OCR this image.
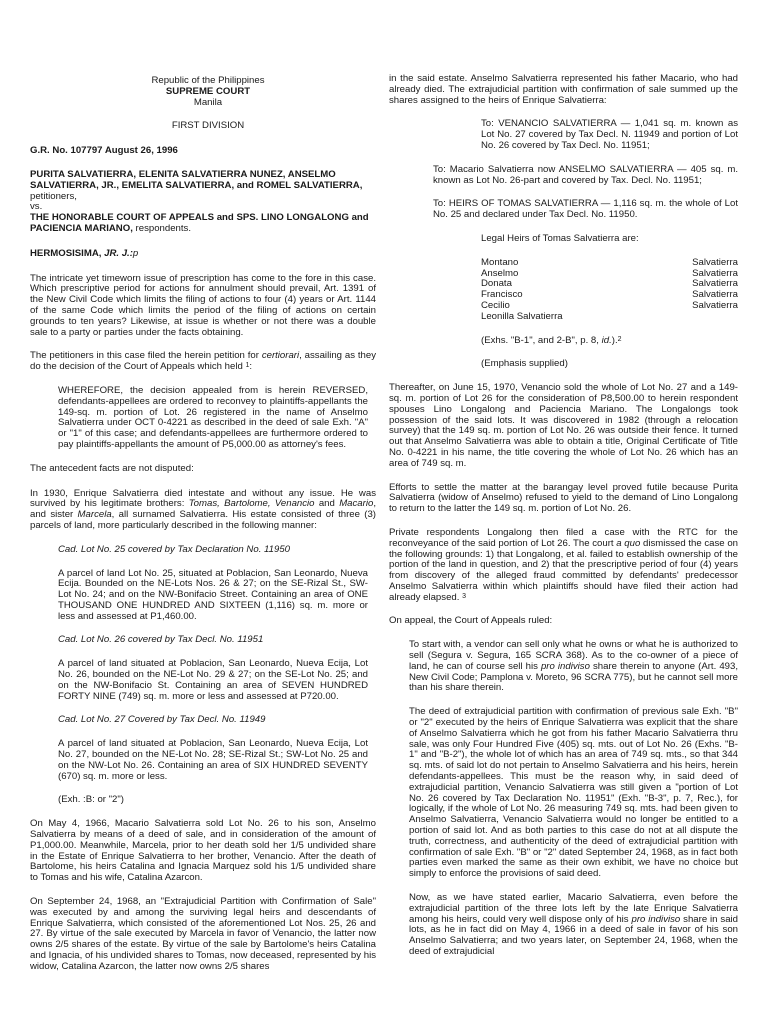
Republic of the Philippines

SUPREME COURT

Manila

FIRST DIVISION

G.R. No. 107797 August 26, 1996

PURITA SALVATIERRA, ELENITA SALVATIERRA NUNEZ, ANSELMO SALVATIERRA, JR., EMELITA SALVATIERRA, and ROMEL SALVATIERRA, petitioners,

vs.

THE HONORABLE COURT OF APPEALS and SPS. LINO LONGALONG and PACIENCIA MARIANO, respondents.

HERMOSISIMA, JR. J.:p

The intricate yet timeworn issue of prescription has come to the fore in this case. Which prescriptive period for actions for annulment should prevail, Art. 1391 of the New Civil Code which limits the filing of actions to four (4) years or Art. 1144 of the same Code which limits the period of the filing of actions on certain grounds to ten years? Likewise, at issue is whether or not there was a double sale to a party or parties under the facts obtaining.

The petitioners in this case filed the herein petition for certiorari, assailing as they do the decision of the Court of Appeals which held $^1$:

WHEREFORE, the decision appealed from is herein REVERSED, defendants-appellees are ordered to reconvey to plaintiffs-appellants the 149-sq. m. portion of Lot. 26 registered in the name of Anselmo Salvatierra under OCT 0-4221 as described in the deed of sale Exh. "A" or "1" of this case; and defendants-appellees are furthermore ordered to pay plaintiffs-appellants the amount of P5,000.00 as attorney's fees.

The antecedent facts are not disputed:

In 1930, Enrique Salvatierra died intestate and without any issue. He was survived by his legitimate brothers: Tomas, Bartolome, Venancio and Macario, and sister Marcela, all surnamed Salvatierra. His estate consisted of three (3) parcels of land, more particularly described in the following manner:

Cad. Lot No. 25 covered by Tax Declaration No. 11950

A parcel of land Lot No. 25, situated at Poblacion, San Leonardo, Nueva Ecija. Bounded on the NE-Lots Nos. 26 & 27; on the SE-Rizal St., SW-Lot No. 24; and on the NW-Bonifacio Street. Containing an area of ONE THOUSAND ONE HUNDRED AND SIXTEEN (1,116) sq. m. more or less and assessed at P1,460.00.

Cad. Lot No. 26 covered by Tax Decl. No. 11951

A parcel of land situated at Poblacion, San Leonardo, Nueva Ecija, Lot No. 26, bounded on the NE-Lot No. 29 & 27; on the SE-Lot No. 25; and on the NW-Bonifacio St. Containing an area of SEVEN HUNDRED FORTY NINE (749) sq. m. more or less and assessed at P720.00.

Cad. Lot No. 27 Covered by Tax Decl. No. 11949

A parcel of land situated at Poblacion, San Leonardo, Nueva Ecija, Lot No. 27, bounded on the NE-Lot No. 28; SE-Rizal St.; SW-Lot No. 25 and on the NW-Lot No. 26. Containing an area of SIX HUNDRED SEVENTY (670) sq. m. more or less.

(Exh. :B: or "2")

On May 4, 1966, Macario Salvatierra sold Lot No. 26 to his son, Anselmo Salvatierra by means of a deed of sale, and in consideration of the amount of P1,000.00. Meanwhile, Marcela, prior to her death sold her 1/5 undivided share in the Estate of Enrique Salvatierra to her brother, Venancio. After the death of Bartolome, his heirs Catalina and Ignacia Marquez sold his 1/5 undivided share to Tomas and his wife, Catalina Azarcon.

On September 24, 1968, an "Extrajudicial Partition with Confirmation of Sale" was executed by and among the surviving legal heirs and descendants of Enrique Salvatierra, which consisted of the aforementioned Lot Nos. 25, 26 and 27. By virtue of the sale executed by Marcela in favor of Venancio, the latter now owns 2/5 shares of the estate. By virtue of the sale by Bartolome's heirs Catalina and Ignacia, of his undivided shares to Tomas, now deceased, represented by his widow, Catalina Azarcon, the latter now owns 2/5 shares

in the said estate. Anselmo Salvatierra represented his father Macario, who had already died. The extrajudicial partition with confirmation of sale summed up the shares assigned to the heirs of Enrique Salvatierra:

To: VENANCIO SALVATIERRA — 1,041 sq. m. known as Lot No. 27 covered by Tax Decl. N. 11949 and portion of Lot No. 26 covered by Tax Decl. No. 11951;

To: Macario Salvatierra now ANSELMO SALVATIERRA — 405 sq. m. known as Lot No. 26-part and covered by Tax. Decl. No. 11951;

To: HEIRS OF TOMAS SALVATIERRA — 1,116 sq. m. the whole of Lot No. 25 and declared under Tax Decl. No. 11950.

Legal Heirs of Tomas Salvatierra are:

Montano	Salvatierra
Anselmo	Salvatierra
Donata	Salvatierra
Francisco	Salvatierra
Cecilio	Salvatierra
Leonilla Salvatierra

(Exhs. "B-1", and 2-B", p. 8, id.).$^2$

(Emphasis supplied)

Thereafter, on June 15, 1970, Venancio sold the whole of Lot No. 27 and a 149-sq. m. portion of Lot 26 for the consideration of P8,500.00 to herein respondent spouses Lino Longalong and Paciencia Mariano. The Longalongs took possession of the said lots. It was discovered in 1982 (through a relocation survey) that the 149 sq. m. portion of Lot No. 26 was outside their fence. It turned out that Anselmo Salvatierra was able to obtain a title, Original Certificate of Title No. 0-4221 in his name, the title covering the whole of Lot No. 26 which has an area of 749 sq. m.

Efforts to settle the matter at the barangay level proved futile because Purita Salvatierra (widow of Anselmo) refused to yield to the demand of Lino Longalong to return to the latter the 149 sq. m. portion of Lot No. 26.

Private respondents Longalong then filed a case with the RTC for the reconveyance of the said portion of Lot 26. The court a quo dismissed the case on the following grounds: 1) that Longalong, et al. failed to establish ownership of the portion of the land in question, and 2) that the prescriptive period of four (4) years from discovery of the alleged fraud committed by defendants' predecessor Anselmo Salvatierra within which plaintiffs should have filed their action had already elapsed. $^3$

On appeal, the Court of Appeals ruled:

To start with, a vendor can sell only what he owns or what he is authorized to sell (Segura v. Segura, 165 SCRA 368). As to the co-owner of a piece of land, he can of course sell his pro indiviso share therein to anyone (Art. 493, New Civil Code; Pamplona v. Moreto, 96 SCRA 775), but he cannot sell more than his share therein.

The deed of extrajudicial partition with confirmation of previous sale Exh. "B" or "2" executed by the heirs of Enrique Salvatierra was explicit that the share of Anselmo Salvatierra which he got from his father Macario Salvatierra thru sale, was only Four Hundred Five (405) sq. mts. out of Lot No. 26 (Exhs. "B-1" and "B-2"), the whole lot of which has an area of 749 sq. mts., so that 344 sq. mts. of said lot do not pertain to Anselmo Salvatierra and his heirs, herein defendants-appellees. This must be the reason why, in said deed of extrajudicial partition, Venancio Salvatierra was still given a "portion of Lot No. 26 covered by Tax Declaration No. 11951" (Exh. "B-3", p. 7, Rec.), for logically, if the whole of Lot No. 26 measuring 749 sq. mts. had been given to Anselmo Salvatierra, Venancio Salvatierra would no longer be entitled to a portion of said lot. And as both parties to this case do not at all dispute the truth, correctness, and authenticity of the deed of extrajudicial partition with confirmation of sale Exh. "B" or "2" dated September 24, 1968, as in fact both parties even marked the same as their own exhibit, we have no choice but simply to enforce the provisions of said deed.

Now, as we have stated earlier, Macario Salvatierra, even before the extrajudicial partition of the three lots left by the late Enrique Salvatierra among his heirs, could very well dispose only of his pro indiviso share in said lots, as he in fact did on May 4, 1966 in a deed of sale in favor of his son Anselmo Salvatierra; and two years later, on September 24, 1968, when the deed of extrajudicial
